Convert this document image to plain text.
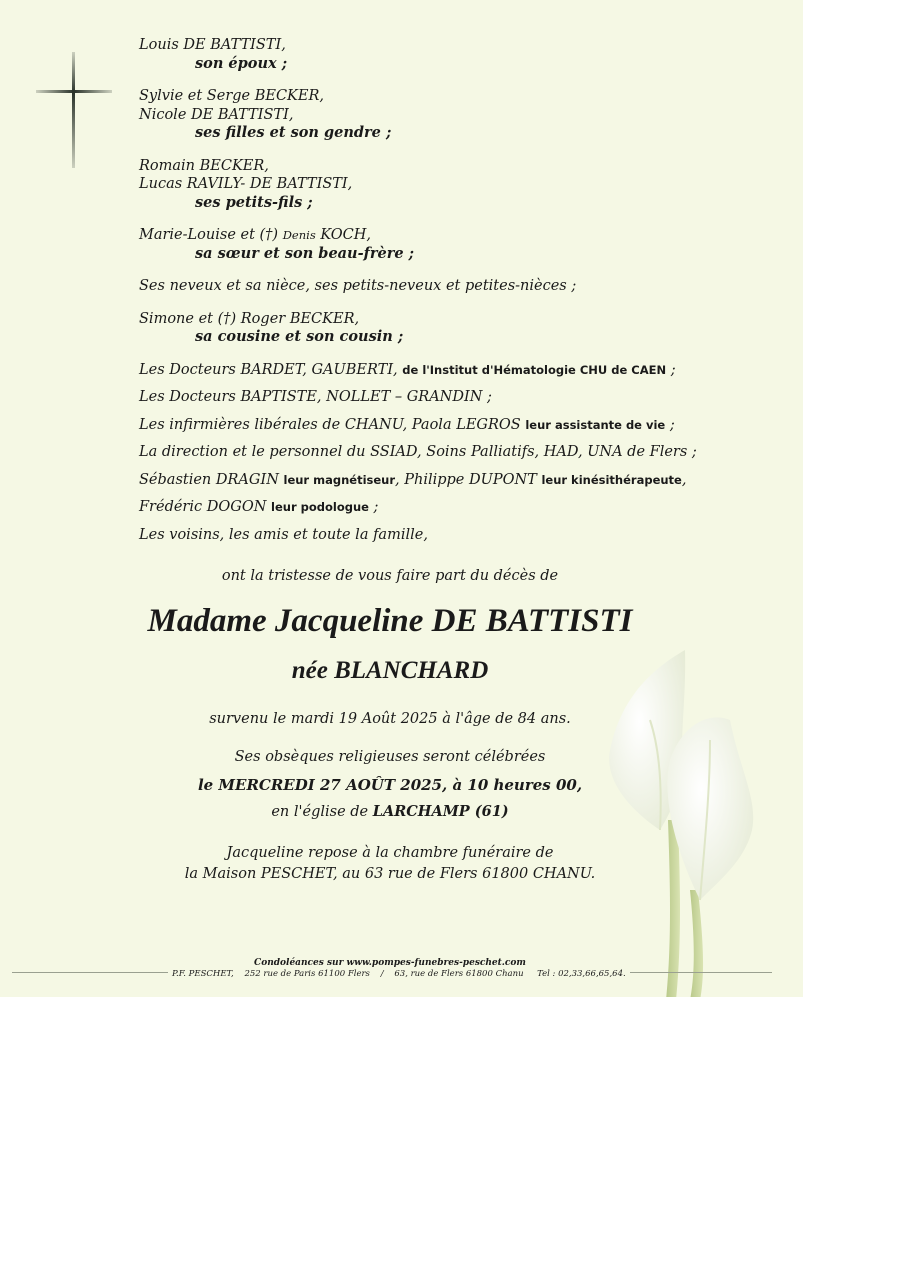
Louis DE BATTISTI,
son époux ;
Sylvie et Serge BECKER,
Nicole DE BATTISTI,
ses filles et son gendre ;
Romain BECKER,
Lucas RAVILY- DE BATTISTI,
ses petits-fils ;
Marie-Louise et (†) Denis KOCH,
sa sœur et son beau-frère ;
Ses neveux et sa nièce, ses petits-neveux et petites-nièces ;
Simone et (†) Roger BECKER,
sa cousine et son cousin ;
Les Docteurs BARDET, GAUBERTI, de l'Institut d'Hématologie CHU de CAEN ;
Les Docteurs BAPTISTE, NOLLET – GRANDIN ;
Les infirmières libérales de CHANU, Paola LEGROS leur assistante de vie ;
La direction et le personnel du SSIAD, Soins Palliatifs, HAD, UNA de Flers ;
Sébastien DRAGIN leur magnétiseur, Philippe DUPONT leur kinésithérapeute,
Frédéric DOGON leur podologue ;
Les voisins, les amis et toute la famille,
ont la tristesse de vous faire part du décès de
Madame Jacqueline DE BATTISTI
née BLANCHARD
survenu le mardi 19 Août 2025 à l'âge de 84 ans.
Ses obsèques religieuses seront célébrées
le MERCREDI 27 AOÛT 2025, à 10 heures 00,
en l'église de LARCHAMP (61)
Jacqueline repose à la chambre funéraire de
la Maison PESCHET, au 63 rue de Flers 61800 CHANU.
Condoléances sur www.pompes-funebres-peschet.com
P.F. PESCHET,    252 rue de Paris 61100 Flers    /    63, rue de Flers 61800 Chanu     Tel : 02,33,66,65,64.
